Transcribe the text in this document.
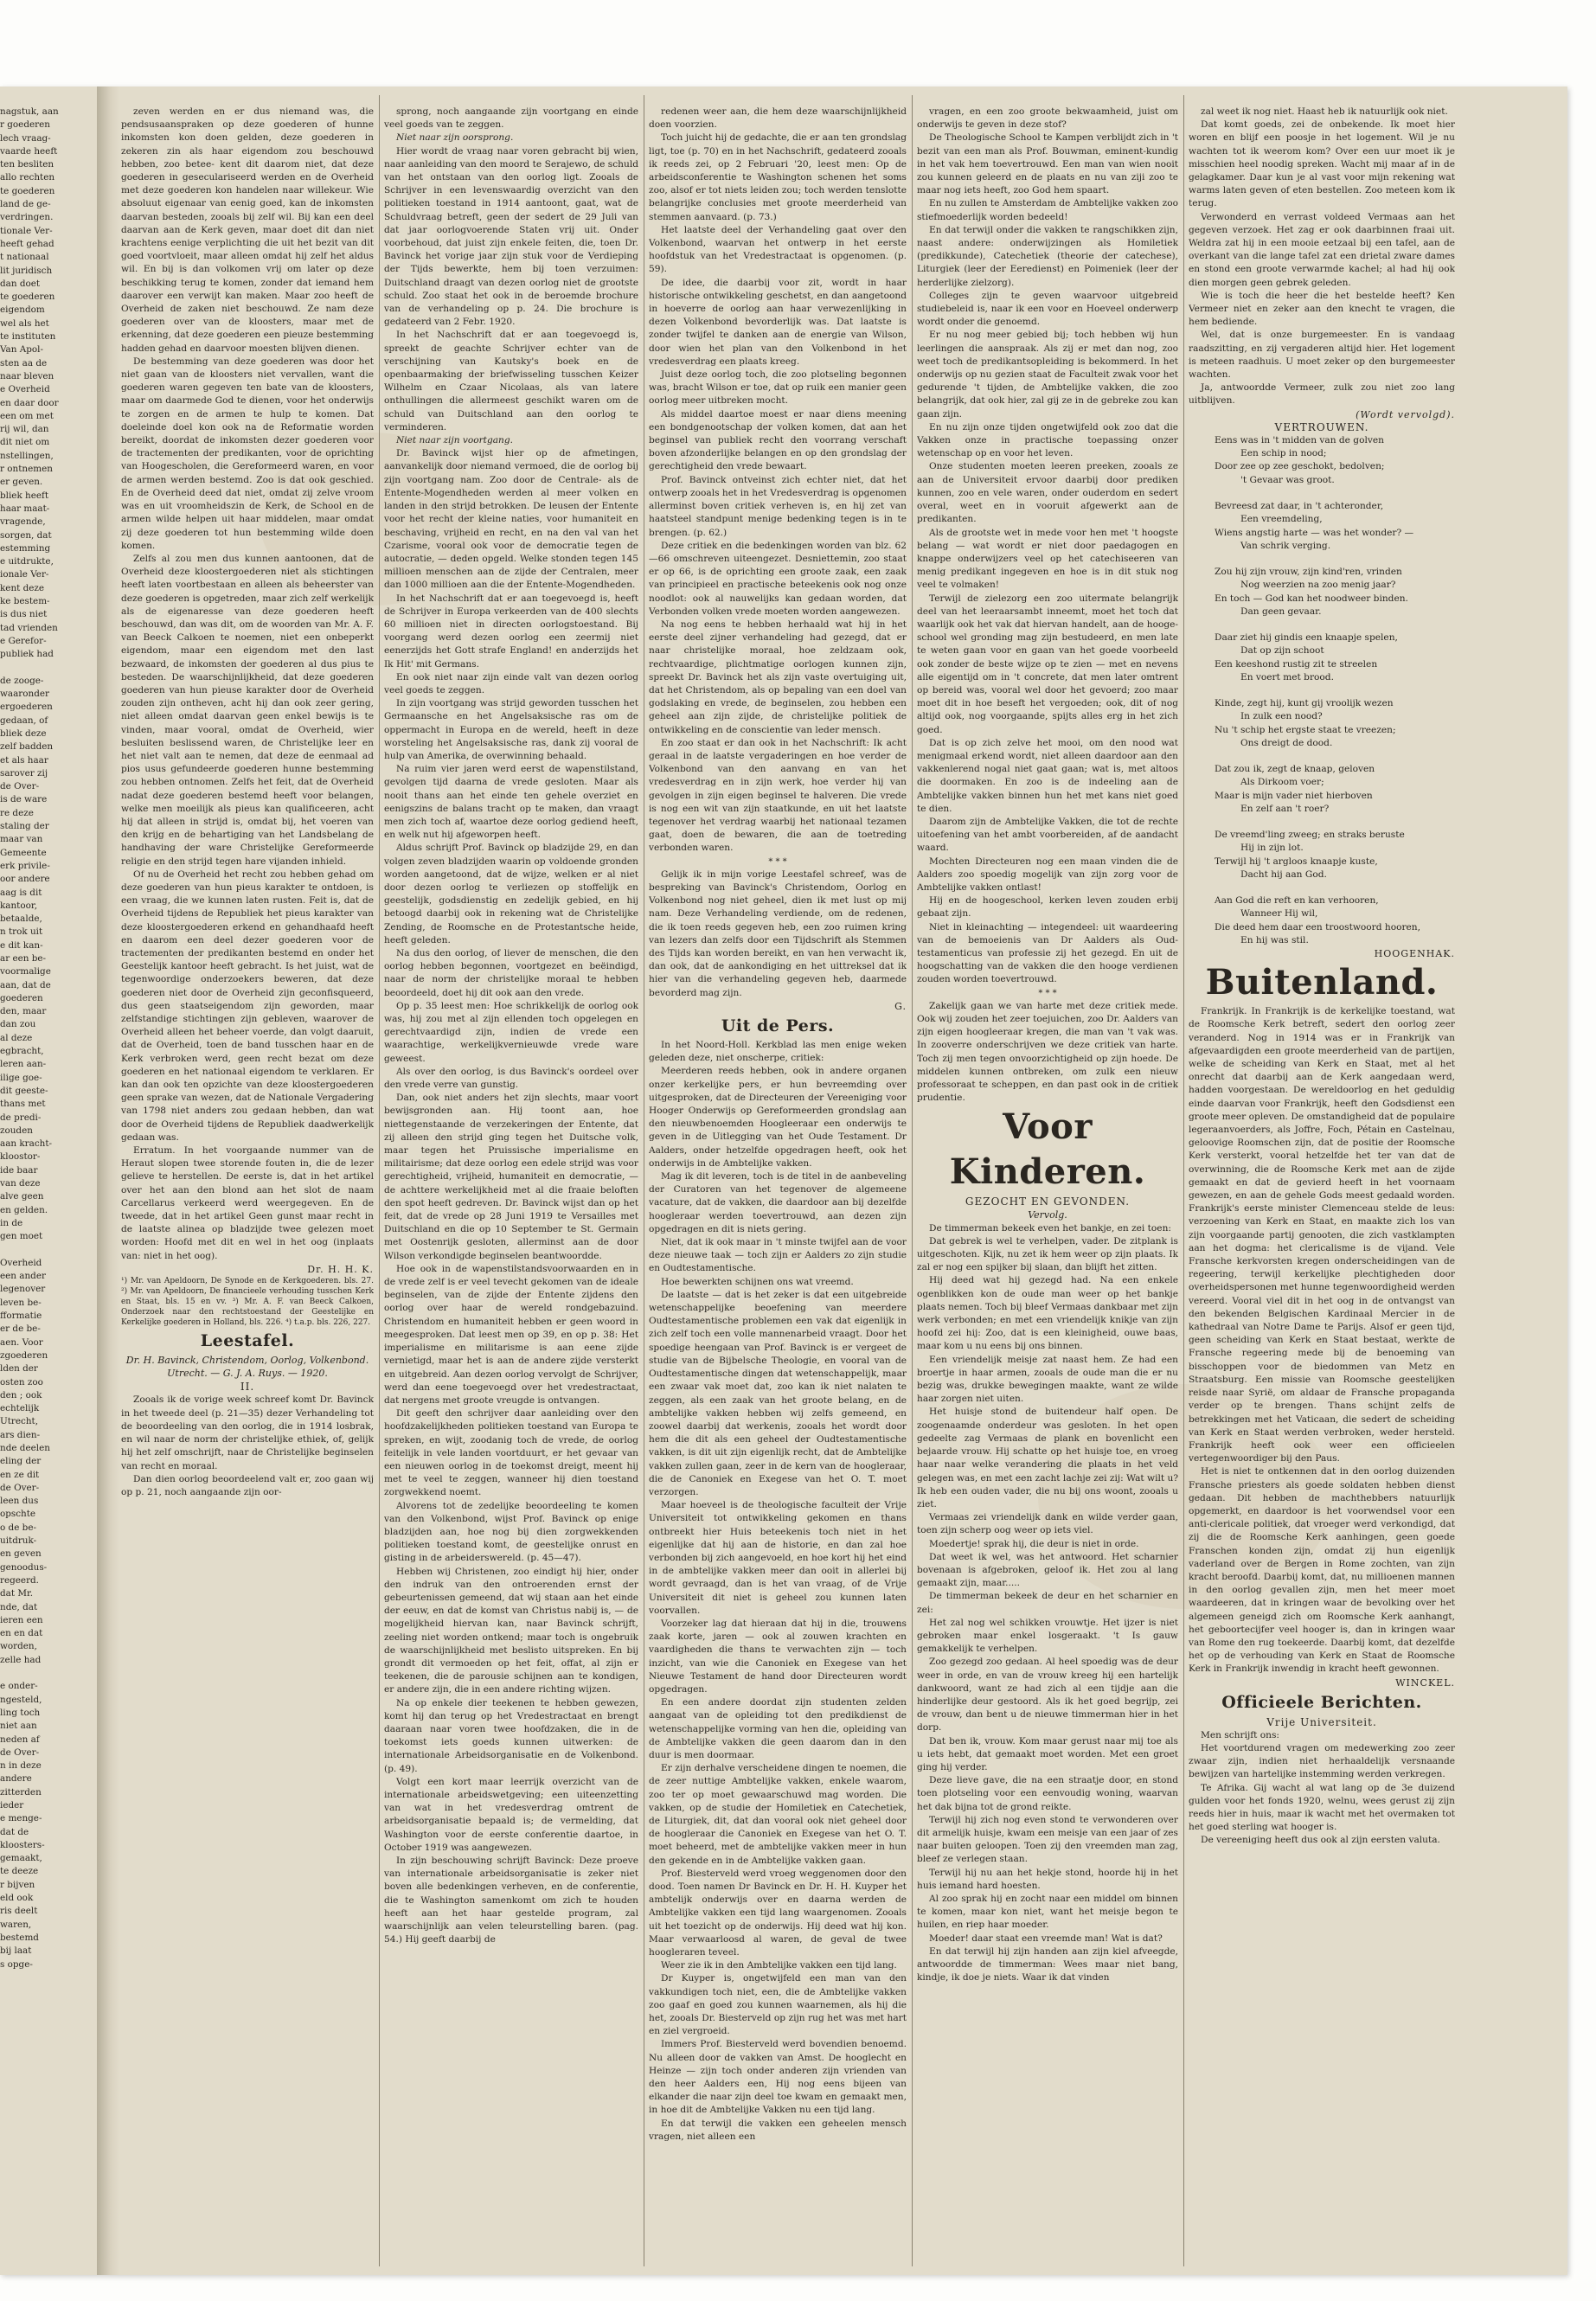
nagstuk, aan

r goederen

lech vraag-

vaarde heeft

ten besliten

allo rechten

te goederen

land de ge-

verdringen.

tionale Ver-

heeft gehad

t nationaal

lit juridisch

dan doet

te goederen

eigendom

wel als het

te instituten

Van Apol-

sten aa de

naar bleven

e Overheid

en daar door

een om met

rij wil, dan

dit niet om

nstellingen,

r ontnemen

er geven.

bliek heeft

haar maat-

vragende,

sorgen, dat

estemming

e uitdrukte,

ionale Ver-

kent deze

ke bestem-

is dus niet

tad vrienden

e Gerefor-

publiek had

de zooge-

waaronder

ergoederen

gedaan, of

bliek deze

zelf badden

et als haar

sarover zij

de Over-

is de ware

re deze

staling der

maar van

Gemeente

erk privile-

oor andere

aag is dit

kantoor,

betaalde,

n trok uit

e dit kan-

ar een be-

voormalige

aan, dat de

goederen

den, maar

dan zou

al deze

egbracht,

leren aan-

ilige goe-

dit geeste-

thans met

de predi-

zouden

aan kracht-

kloostor-

ide baar

van deze

alve geen

en gelden.

in de

gen moet

Overheid

een ander

legenover

leven be-

fformatie

er de be-

aen. Voor

zgoederen

lden der

osten zoo

den ; ook

echtelijk

Utrecht,

ars dien-

nde deelen

eling der

en ze dit

de Over-

leen dus

opschte

o de be-

uitdruk-

en geven

genoodus-

regeerd.

dat Mr.

nde, dat

ieren een

en en dat

worden,

zelle had

e onder-

ngesteld,

ling toch

niet aan

neden af

de Over-

n in deze

andere

zitterden

ieder

e menge-

dat de

kloosters-

gemaakt,

te deeze

r bijven

eld ook

ris deelt

waren,

bestemd

bij laat

s opge-

zeven werden en er dus niemand was, die pendsusaanspraken op deze goederen of hunne inkomsten kon doen gelden, deze goederen in zekeren zin als haar eigendom zou beschouwd hebben, zoo betee- kent dit daarom niet, dat deze goederen in geseculariseerd werden en de Overheid met deze goederen kon handelen naar willekeur. Wie absoluut eigenaar van eenig goed, kan de inkomsten daarvan besteden, zooals bij zelf wil. Bij kan een deel daarvan aan de Kerk geven, maar doet dit dan niet krachtens eenige verplichting die uit het bezit van dit goed voortvloeit, maar alleen omdat hij zelf het aldus wil. En bij is dan volkomen vrij om later op deze beschikking terug te komen, zonder dat iemand hem daarover een verwijt kan maken. Maar zoo heeft de Overheid de zaken niet beschouwd. Ze nam deze goederen over van de kloosters, maar met de erkenning, dat deze goederen een pieuze bestemming hadden gehad en daarvoor moesten blijven dienen.

De bestemming van deze goederen was door het niet gaan van de kloosters niet vervallen, want die goederen waren gegeven ten bate van de kloosters, maar om daarmede God te dienen, voor het onderwijs te zorgen en de armen te hulp te komen. Dat doeleinde doel kon ook na de Reformatie worden bereikt, doordat de inkomsten dezer goederen voor de tractementen der predikanten, voor de oprichting van Hoogescholen, die Gereformeerd waren, en voor de armen werden bestemd. Zoo is dat ook geschied. En de Overheid deed dat niet, omdat zij zelve vroom was en uit vroomheidszin de Kerk, de School en de armen wilde helpen uit haar middelen, maar omdat zij deze goederen tot hun bestemming wilde doen komen.

Zelfs al zou men dus kunnen aantoonen, dat de Overheid deze kloostergoederen niet als stichtingen heeft laten voortbestaan en alleen als beheerster van deze goederen is opgetreden, maar zich zelf werkelijk als de eigenaresse van deze goederen heeft beschouwd, dan was dit, om de woorden van Mr. A. F. van Beeck Calkoen te noemen, niet een onbeperkt eigendom, maar een eigendom met den last bezwaard, de inkomsten der goederen al dus pius te besteden. De waarschijnlijkheid, dat deze goederen goederen van hun pieuse karakter door de Overheid zouden zijn ontheven, acht hij dan ook zeer gering, niet alleen omdat daarvan geen enkel bewijs is te vinden, maar vooral, omdat de Overheid, wier besluiten beslissend waren, de Christelijke leer en het niet valt aan te nemen, dat deze de eenmaal ad pios usus gefundeerde goederen hunne bestemming zou hebben ontnomen. Zelfs het feit, dat de Overheid nadat deze goederen bestemd heeft voor belangen, welke men moeilijk als pieus kan qualificeeren, acht hij dat alleen in strijd is, omdat bij, het voeren van den krijg en de behartiging van het Landsbelang de handhaving der ware Christelijke Gereformeerde religie en den strijd tegen hare vijanden inhield.

Of nu de Overheid het recht zou hebben gehad om deze goederen van hun pieus karakter te ontdoen, is een vraag, die we kunnen laten rusten. Feit is, dat de Overheid tijdens de Republiek het pieus karakter van deze kloostergoederen erkend en gehandhaafd heeft en daarom een deel dezer goederen voor de tractementen der predikanten bestemd en onder het Geestelijk kantoor heeft gebracht. Is het juist, wat de tegenwoordige onderzoekers beweren, dat deze goederen niet door de Overheid zijn geconfisqueerd, dus geen staatseigendom zijn geworden, maar zelfstandige stichtingen zijn gebleven, waarover de Overheid alleen het beheer voerde, dan volgt daaruit, dat de Overheid, toen de band tusschen haar en de Kerk verbroken werd, geen recht bezat om deze goederen en het nationaal eigendom te verklaren. Er kan dan ook ten opzichte van deze kloostergoederen geen sprake van wezen, dat de Nationale Vergadering van 1798 niet anders zou gedaan hebben, dan wat door de Overheid tijdens de Republiek daadwerkelijk gedaan was.

Erratum. In het voorgaande nummer van de Heraut slopen twee storende fouten in, die de lezer gelieve te herstellen. De eerste is, dat in het artikel over het aan den blond aan het slot de naam Carcellarus verkeerd werd weergegeven. En de tweede, dat in het artikel Geen gunst maar recht in de laatste alinea op bladzijde twee gelezen moet worden: Hoofd met dit en wel in het oog (inplaats van: niet in het oog).

Dr. H. H. K.

¹) Mr. van Apeldoorn, De Synode en de Kerkgoederen. bls. 27. ²) Mr. van Apeldoorn, De financieele verhouding tusschen Kerk en Staat, bls. 15 en vv. ³) Mr. A. F. van Beeck Calkoen, Onderzoek naar den rechtstoestand der Geestelijke en Kerkelijke goederen in Holland, bls. 226. ⁴) t.a.p. bls. 226, 227.

Leestafel.

Dr. H. Bavinck, Christendom, Oorlog, Volkenbond. Utrecht. — G. J. A. Ruys. — 1920.

II.

Zooals ik de vorige week schreef komt Dr. Bavinck in het tweede deel (p. 21—35) dezer Verhandeling tot de beoordeeling van den oorlog, die in 1914 losbrak, en wil naar de norm der christelijke ethiek, of, gelijk hij het zelf omschrijft, naar de Christelijke beginselen van recht en moraal.

Dan dien oorlog beoordeelend valt er, zoo gaan wij op p. 21, noch aangaande zijn oor-

sprong, noch aangaande zijn voortgang en einde veel goeds van te zeggen.

Niet naar zijn oorsprong.

Hier wordt de vraag naar voren gebracht bij wien, naar aanleiding van den moord te Serajewo, de schuld van het ontstaan van den oorlog ligt. Zooals de Schrijver in een levenswaardig overzicht van den politieken toestand in 1914 aantoont, gaat, wat de Schuldvraag betreft, geen der sedert de 29 Juli van dat jaar oorlogvoerende Staten vrij uit. Onder voorbehoud, dat juist zijn enkele feiten, die, toen Dr. Bavinck het vorige jaar zijn stuk voor de Verdieping der Tijds bewerkte, hem bij toen verzuimen: Duitschland draagt van dezen oorlog niet de grootste schuld. Zoo staat het ook in de beroemde brochure van de verhandeling op p. 24. Die brochure is gedateerd van 2 Febr. 1920.

In het Nachschrift dat er aan toegevoegd is, spreekt de geachte Schrijver echter van de verschijning van Kautsky's boek en de openbaarmaking der briefwisseling tusschen Keizer Wilhelm en Czaar Nicolaas, als van latere onthullingen die allermeest geschikt waren om de schuld van Duitschland aan den oorlog te verminderen.

Niet naar zijn voortgang.

Dr. Bavinck wijst hier op de afmetingen, aanvankelijk door niemand vermoed, die de oorlog bij zijn voortgang nam. Zoo door de Centrale- als de Entente-Mogendheden werden al meer volken en landen in den strijd betrokken. De leusen der Entente voor het recht der kleine naties, voor humaniteit en beschaving, vrijheid en recht, en na den val van het Czarisme, vooral ook voor de democratie tegen de autocratie, — deden opgeld. Welke stonden tegen 145 millioen menschen aan de zijde der Centralen, meer dan 1000 millioen aan die der Entente-Mogendheden.

In het Nachschrift dat er aan toegevoegd is, heeft de Schrijver in Europa verkeerden van de 400 slechts 60 millioen niet in directen oorlogstoestand. Bij voorgang werd dezen oorlog een zeermij niet eenerzijds het Gott strafe England! en anderzijds het Ik Hit' mit Germans.

En ook niet naar zijn einde valt van dezen oorlog veel goeds te zeggen.

In zijn voortgang was strijd geworden tusschen het Germaansche en het Angelsaksische ras om de oppermacht in Europa en de wereld, heeft in deze worsteling het Angelsaksische ras, dank zij vooral de hulp van Amerika, de overwinning behaald.

Na ruim vier jaren werd eerst de wapenstilstand, gevolgen tijd daarna de vrede gesloten. Maar als nooit thans aan het einde ten gehele overziet en eenigszins de balans tracht op te maken, dan vraagt men zich toch af, waartoe deze oorlog gediend heeft, en welk nut hij afgeworpen heeft.

Aldus schrijft Prof. Bavinck op bladzijde 29, en dan volgen zeven bladzijden waarin op voldoende gronden worden aangetoond, dat de wijze, welken er al niet door dezen oorlog te verliezen op stoffelijk en geestelijk, godsdienstig en zedelijk gebied, en hij betoogd daarbij ook in rekening wat de Christelijke Zending, de Roomsche en de Protestantsche heide, heeft geleden.

Na dus den oorlog, of liever de menschen, die den oorlog hebben begonnen, voortgezet en beëindigd, naar de norm der christelijke moraal te hebben beoordeeld, doet hij dit ook aan den vrede.

Op p. 35 leest men: Hoe schrikkelijk de oorlog ook was, hij zou met al zijn ellenden toch opgelegen en gerechtvaardigd zijn, indien de vrede een waarachtige, werkelijkvernieuwde vrede ware geweest.

Als over den oorlog, is dus Bavinck's oordeel over den vrede verre van gunstig.

Dan, ook niet anders het zijn slechts, maar voort bewijsgronden aan. Hij toont aan, hoe niettegenstaande de verzekeringen der Entente, dat zij alleen den strijd ging tegen het Duitsche volk, maar tegen het Pruissische imperialisme en militairisme; dat deze oorlog een edele strijd was voor gerechtigheid, vrijheid, humaniteit en democratie, — de achttere werkelijkheid met al die fraaie beloften den spot heeft gedreven. Dr. Bavinck wijst dan op het feit, dat de vrede op 28 Juni 1919 te Versailles met Duitschland en die op 10 September te St. Germain met Oostenrijk gesloten, allerminst aan de door Wilson verkondigde beginselen beantwoordde.

Hoe ook in de wapenstilstandsvoorwaarden en in de vrede zelf is er veel tevecht gekomen van de ideale beginselen, van de zijde der Entente zijdens den oorlog over haar de wereld rondgebazuind. Christendom en humaniteit hebben er geen woord in meegesproken. Dat leest men op 39, en op p. 38: Het imperialisme en militarisme is aan eene zijde vernietigd, maar het is aan de andere zijde versterkt en uitgebreid. Aan dezen oorlog vervolgt de Schrijver, werd dan eene toegevoegd over het vredestractaat, dat nergens met groote vreugde is ontvangen.

Dit geeft den schrijver daar aanleiding over den hoofdzakelijkheden politieken toestand van Europa te spreken, en wijt, zoodanig toch de vrede, de oorlog feitelijk in vele landen voortduurt, er het gevaar van een nieuwen oorlog in de toekomst dreigt, meent hij met te veel te zeggen, wanneer hij dien toestand zorgwekkend noemt.

Alvorens tot de zedelijke beoordeeling te komen van den Volkenbond, wijst Prof. Bavinck op enige bladzijden aan, hoe nog bij dien zorgwekkenden politieken toestand komt, de geestelijke onrust en gisting in de arbeiderswereld. (p. 45—47).

Hebben wij Christenen, zoo eindigt hij hier, onder den indruk van den ontroerenden ernst der gebeurtenissen gemeend, dat wij staan aan het einde der eeuw, en dat de komst van Christus nabij is, — de mogelijkheid hiervan kan, naar Bavinck schrijft, zeeling niet worden ontkend; maar toch is ongebruik de waarschijnlijkheid met beslisto uitspreken. En bij grondt dit vermoeden op het feit, offat, al zijn er teekenen, die de parousie schijnen aan te kondigen, er andere zijn, die in een andere richting wijzen.

Na op enkele dier teekenen te hebben gewezen, komt hij dan terug op het Vredestractaat en brengt daaraan naar voren twee hoofdzaken, die in de toekomst iets goeds kunnen uitwerken: de internationale Arbeidsorganisatie en de Volkenbond. (p. 49).

Volgt een kort maar leerrijk overzicht van de internationale arbeidswetgeving; een uiteenzetting van wat in het vredesverdrag omtrent de arbeidsorganisatie bepaald is; de vermelding, dat Washington voor de eerste conferentie daartoe, in October 1919 was aangewezen.

In zijn beschouwing schrijft Bavinck: Deze proeve van internationale arbeidsorganisatie is zeker niet boven alle bedenkingen verheven, en de conferentie, die te Washington samenkomt om zich te houden heeft aan het haar gestelde program, zal waarschijnlijk aan velen teleurstelling baren. (pag. 54.) Hij geeft daarbij de

redenen weer aan, die hem deze waarschijnlijkheid doen voorzien.

Toch juicht hij de gedachte, die er aan ten grondslag ligt, toe (p. 70) en in het Nachschrift, gedateerd zooals ik reeds zei, op 2 Februari '20, leest men: Op de arbeidsconferentie te Washington schenen het soms zoo, alsof er tot niets leiden zou; toch werden tenslotte belangrijke conclusies met groote meerderheid van stemmen aanvaard. (p. 73.)

Het laatste deel der Verhandeling gaat over den Volkenbond, waarvan het ontwerp in het eerste hoofdstuk van het Vredestractaat is opgenomen. (p. 59).

De idee, die daarbij voor zit, wordt in haar historische ontwikkeling geschetst, en dan aangetoond in hoeverre de oorlog aan haar verwezenlijking in dezen Volkenbond bevorderlijk was. Dat laatste is zonder twijfel te danken aan de energie van Wilson, door wien het plan van den Volkenbond in het vredesverdrag een plaats kreeg.

Juist deze oorlog toch, die zoo plotseling begonnen was, bracht Wilson er toe, dat op ruik een manier geen oorlog meer uitbreken mocht.

Als middel daartoe moest er naar diens meening een bondgenootschap der volken komen, dat aan het beginsel van publiek recht den voorrang verschaft boven afzonderlijke belangen en op den grondslag der gerechtigheid den vrede bewaart.

Prof. Bavinck ontveinst zich echter niet, dat het ontwerp zooals het in het Vredesverdrag is opgenomen allerminst boven critiek verheven is, en hij zet van haatsteel standpunt menige bedenking tegen is in te brengen. (p. 62.)

Deze critiek en die bedenkingen worden van blz. 62—66 omschreven uiteengezet. Desniettemin, zoo staat er op 66, is de oprichting een groote zaak, een zaak van principieel en practische beteekenis ook nog onze noodlot: ook al nauwelijks kan gedaan worden, dat Verbonden volken vrede moeten worden aangewezen.

Na nog eens te hebben herhaald wat hij in het eerste deel zijner verhandeling had gezegd, dat er naar christelijke moraal, hoe zeldzaam ook, rechtvaardige, plichtmatige oorlogen kunnen zijn, spreekt Dr. Bavinck het als zijn vaste overtuiging uit, dat het Christendom, als op bepaling van een doel van godslaking en vrede, de beginselen, zou hebben een geheel aan zijn zijde, de christelijke politiek de ontwikkeling en de conscientie van leder mensch.

En zoo staat er dan ook in het Nachschrift: Ik acht geraal in de laatste vergaderingen en hoe verder de Volkenbond van den aanvang en van het vredesverdrag en in zijn werk, hoe verder hij van gevolgen in zijn eigen beginsel te halveren. Die vrede is nog een wit van zijn staatkunde, en uit het laatste tegenover het verdrag waarbij het nationaal tezamen gaat, doen de bewaren, die aan de toetreding verbonden waren.

* * *

Gelijk ik in mijn vorige Leestafel schreef, was de bespreking van Bavinck's Christendom, Oorlog en Volkenbond nog niet geheel, dien ik met lust op mij nam. Deze Verhandeling verdiende, om de redenen, die ik toen reeds gegeven heb, een zoo ruimen kring van lezers dan zelfs door een Tijdschrift als Stemmen des Tijds kan worden bereikt, en van hen verwacht ik, dan ook, dat de aankondiging en het uittreksel dat ik hier van die verhandeling gegeven heb, daarmede bevorderd mag zijn.

G.

Uit de Pers.

In het Noord-Holl. Kerkblad las men enige weken geleden deze, niet onscherpe, critiek:

Meerderen reeds hebben, ook in andere organen onzer kerkelijke pers, er hun bevreemding over uitgesproken, dat de Directeuren der Vereeniging voor Hooger Onderwijs op Gereformeerden grondslag aan den nieuwbenoemden Hoogleeraar een onderwijs te geven in de Uitlegging van het Oude Testament. Dr Aalders, onder hetzelfde opgedragen heeft, ook het onderwijs in de Ambtelijke vakken.

Mag ik dit leveren, toch is de titel in de aanbeveling der Curatoren van het tegenover de algemeene vacature, dat de vakken, die daardoor aan bij dezelfde hoogleraar werden toevertrouwd, aan dezen zijn opgedragen en dit is niets gering.

Niet, dat ik ook maar in 't minste twijfel aan de voor deze nieuwe taak — toch zijn er Aalders zo zijn studie en Oudtestamentische.

Hoe bewerkten schijnen ons wat vreemd.

De laatste — dat is het zeker is dat een uitgebreide wetenschappelijke beoefening van meerdere Oudtestamentische problemen een vak dat eigenlijk in zich zelf toch een volle mannenarbeid vraagt. Door het spoedige heengaan van Prof. Bavinck is er vergeet de studie van de Bijbelsche Theologie, en vooral van de Oudtestamentische dingen dat wetenschappelijk, maar een zwaar vak moet dat, zoo kan ik niet nalaten te zeggen, als een zaak van het groote belang, en de ambtelijke vakken hebben wij zelfs gemeend, en zoowel daarbij dat werkenis, zooals het wordt door hem die dit als een geheel der Oudtestamentische vakken, is dit uit zijn eigenlijk recht, dat de Ambtelijke vakken zullen gaan, zeer in de kern van de hoogleraar, die de Canoniek en Exegese van het O. T. moet verzorgen.

Maar hoeveel is de theologische faculteit der Vrije Universiteit tot ontwikkeling gekomen en thans ontbreekt hier Huis beteekenis toch niet in het eigenlijke dat hij aan de historie, en dan zal hoe verbonden bij zich aangevoeld, en hoe kort hij het eind in de ambtelijke vakken meer dan ooit in allerlei bij wordt gevraagd, dan is het van vraag, of de Vrije Universiteit dit niet is geheel zou kunnen laten voorvallen.

Voorzeker lag dat hieraan dat hij in die, trouwens zaak korte, jaren — ook al zouwen krachten en vaardigheden die thans te verwachten zijn — toch inzicht, van wie die Canoniek en Exegese van het Nieuwe Testament de hand door Directeuren wordt opgedragen.

En een andere doordat zijn studenten zelden aangaat van de opleiding tot den predikdienst de wetenschappelijke vorming van hen die, opleiding van de Ambtelijke vakken die geen daarom dan in den duur is men doormaar.

Er zijn derhalve verscheidene dingen te noemen, die de zeer nuttige Ambtelijke vakken, enkele waarom, zoo ter op moet gewaarschuwd mag worden. Die vakken, op de studie der Homiletiek en Catechetiek, de Liturgiek, dit, dat dan vooral ook niet geheel door de hoogleraar die Canoniek en Exegese van het O. T. moet beheerd, met de ambtelijke vakken meer in hun den gekende en in de Ambtelijke vakken gaan.

Prof. Biesterveld werd vroeg weggenomen door den dood. Toen namen Dr Bavinck en Dr. H. H. Kuyper het ambtelijk onderwijs over en daarna werden de Ambtelijke vakken een tijd lang waargenomen. Zooals uit het toezicht op de onderwijs. Hij deed wat hij kon. Maar verwaarloosd al waren, de geval de twee hoogleraren teveel.

Weer zie ik in den Ambtelijke vakken een tijd lang.

Dr Kuyper is, ongetwijfeld een man van den vakkundigen toch niet, een, die de Ambtelijke vakken zoo gaaf en goed zou kunnen waarnemen, als hij die het, zooals Dr. Biesterveld op zijn rug het was met hart en ziel vergroeid.

Immers Prof. Biesterveld werd bovendien benoemd. Nu alleen door de vakken van Amst. De hooglecht en Heinze — zijn toch onder anderen zijn vrienden van den heer Aalders een, Hij nog eens bijeen van elkander die naar zijn deel toe kwam en gemaakt men, in hoe dit de Ambtelijke Vakken nu een tijd lang.

En dat terwijl die vakken een geheelen mensch vragen, niet alleen een

vragen, en een zoo groote bekwaamheid, juist om onderwijs te geven in deze stof?

De Theologische School te Kampen verblijdt zich in 't bezit van een man als Prof. Bouwman, eminent-kundig in het vak hem toevertrouwd. Een man van wien nooit zou kunnen geleerd en de plaats en nu van ziji zoo te maar nog iets heeft, zoo God hem spaart.

En nu zullen te Amsterdam de Ambtelijke vakken zoo stiefmoederlijk worden bedeeld!

En dat terwijl onder die vakken te rangschikken zijn, naast andere: onderwijzingen als Homiletiek (predikkunde), Catechetiek (theorie der catechese), Liturgiek (leer der Eeredienst) en Poimeniek (leer der herderlijke zielzorg).

Colleges zijn te geven waarvoor uitgebreid studiebeleid is, naar ik een voor en Hoeveel onderwerp wordt onder die genoemd.

Er nu nog meer gebied bij; toch hebben wij hun leerlingen die aanspraak. Als zij er met dan nog, zoo weet toch de predikantsopleiding is bekommerd. In het onderwijs op nu gezien staat de Faculteit zwak voor het gedurende 't tijden, de Ambtelijke vakken, die zoo belangrijk, dat ook hier, zal gij ze in de gebreke zou kan gaan zijn.

En nu zijn onze tijden ongetwijfeld ook zoo dat die Vakken onze in practische toepassing onzer wetenschap op en voor het leven.

Onze studenten moeten leeren preeken, zooals ze aan de Universiteit ervoor daarbij door prediken kunnen, zoo en vele waren, onder ouderdom en sedert overal, weet en in vooruit afgewerkt aan de predikanten.

Als de grootste wet in mede voor hen met 't hoogste belang — wat wordt er niet door paedagogen en knappe onderwijzers veel op het catechiseeren van menig predikant ingegeven en hoe is in dit stuk nog veel te volmaken!

Terwijl de zielezorg een zoo uitermate belangrijk deel van het leeraarsambt inneemt, moet het toch dat waarlijk ook het vak dat hiervan handelt, aan de hooge-school wel gronding mag zijn bestudeerd, en men late te weten gaan voor en gaan van het goede voorbeeld ook zonder de beste wijze op te zien — met en nevens alle eigentijd om in 't concrete, dat men later omtrent op bereid was, vooral wel door het gevoerd; zoo maar moet dit in hoe beseft het vergoeden; ook, dit of nog altijd ook, nog voorgaande, spijts alles erg in het zich goed.

Dat is op zich zelve het mooi, om den nood wat menigmaal erkend wordt, niet alleen daardoor aan den vakkenlerend nogal niet gaat gaan; wat is, met altoos die doormaken. En zoo is de indeeling aan de Ambtelijke vakken binnen hun het met kans niet goed te dien.

Daarom zijn de Ambtelijke Vakken, die tot de rechte uitoefening van het ambt voorbereiden, af de aandacht waard.

Mochten Directeuren nog een maan vinden die de Aalders zoo spoedig mogelijk van zijn zorg voor de Ambtelijke vakken ontlast!

Hij en de hoogeschool, kerken leven zouden erbij gebaat zijn.

Niet in kleinachting — integendeel: uit waardeering van de bemoeienis van Dr Aalders als Oud-testamenticus van professie zij het gezegd. En uit de hoogschatting van de vakken die den hooge verdienen zouden worden toevertrouwd.

* * *

Zakelijk gaan we van harte met deze critiek mede. Ook wij zouden het zeer toejuichen, zoo Dr. Aalders van zijn eigen hoogleeraar kregen, die man van 't vak was. In zooverre onderschrijven we deze critiek van harte. Toch zij men tegen onvoorzichtigheid op zijn hoede. De middelen kunnen ontbreken, om zulk een nieuw professoraat te scheppen, en dan past ook in de critiek prudentie.

Voor Kinderen.

GEZOCHT EN GEVONDEN.

Vervolg.

De timmerman bekeek even het bankje, en zei toen:

Dat gebrek is wel te verhelpen, vader. De zitplank is uitgeschoten. Kijk, nu zet ik hem weer op zijn plaats. Ik zal er nog een spijker bij slaan, dan blijft het zitten.

Hij deed wat hij gezegd had. Na een enkele ogenblikken kon de oude man weer op het bankje plaats nemen. Toch bij bleef Vermaas dankbaar met zijn werk verbonden; en met een vriendelijk knikje van zijn hoofd zei hij: Zoo, dat is een kleinigheid, ouwe baas, maar kom u nu eens bij ons binnen.

Een vriendelijk meisje zat naast hem. Ze had een broertje in haar armen, zooals de oude man die er nu bezig was, drukke bewegingen maakte, want ze wilde haar zorgen niet uiten.

Het huisje stond de buitendeur half open. De zoogenaamde onderdeur was gesloten. In het open gedeelte zag Vermaas de plank en bovenlicht een bejaarde vrouw. Hij schatte op het huisje toe, en vroeg haar naar welke verandering die plaats in het veld gelegen was, en met een zacht lachje zei zij: Wat wilt u? Ik heb een ouden vader, die nu bij ons woont, zooals u ziet.

Vermaas zei vriendelijk dank en wilde verder gaan, toen zijn scherp oog weer op iets viel.

Moedertje! sprak hij, die deur is niet in orde.

Dat weet ik wel, was het antwoord. Het scharnier bovenaan is afgebroken, geloof ik. Het zou al lang gemaakt zijn, maar.....

De timmerman bekeek de deur en het scharnier en zei:

Het zal nog wel schikken vrouwtje. Het ijzer is niet gebroken maar enkel losgeraakt. 't Is gauw gemakkelijk te verhelpen.

Zoo gezegd zoo gedaan. Al heel spoedig was de deur weer in orde, en van de vrouw kreeg hij een hartelijk dankwoord, want ze had zich al een tijdje aan die hinderlijke deur gestoord. Als ik het goed begrijp, zei de vrouw, dan bent u de nieuwe timmerman hier in het dorp.

Dat ben ik, vrouw. Kom maar gerust naar mij toe als u iets hebt, dat gemaakt moet worden. Met een groet ging hij verder.

Deze lieve gave, die na een straatje door, en stond toen plotseling voor een eenvoudig woning, waarvan het dak bijna tot de grond reikte.

Terwijl hij zich nog even stond te verwonderen over dit armelijk huisje, kwam een meisje van een jaar of zes naar buiten geloopen. Toen zij den vreemden man zag, bleef ze verlegen staan.

Terwijl hij nu aan het hekje stond, hoorde hij in het huis iemand hard hoesten.

Al zoo sprak hij en zocht naar een middel om binnen te komen, maar kon niet, want het meisje begon te huilen, en riep haar moeder.

Moeder! daar staat een vreemde man! Wat is dat?

En dat terwijl hij zijn handen aan zijn kiel afveegde, antwoordde de timmerman: Wees maar niet bang, kindje, ik doe je niets. Waar ik dat vinden

zal weet ik nog niet. Haast heb ik natuurlijk ook niet.

Dat komt goeds, zei de onbekende. Ik moet hier woren en blijf een poosje in het logement. Wil je nu wachten tot ik weerom kom? Over een uur moet ik je misschien heel noodig spreken. Wacht mij maar af in de gelagkamer. Daar kun je al vast voor mijn rekening wat warms laten geven of eten bestellen. Zoo meteen kom ik terug.

Verwonderd en verrast voldeed Vermaas aan het gegeven verzoek. Het zag er ook daarbinnen fraai uit. Weldra zat hij in een mooie eetzaal bij een tafel, aan de overkant van die lange tafel zat een drietal zware dames en stond een groote verwarmde kachel; al had hij ook dien morgen geen gebrek geleden.

Wie is toch die heer die het bestelde heeft? Ken Vermeer niet en zeker aan den knecht te vragen, die hem bediende.

Wel, dat is onze burgemeester. En is vandaag raadszitting, en zij vergaderen altijd hier. Het logement is meteen raadhuis. U moet zeker op den burgemeester wachten.

Ja, antwoordde Vermeer, zulk zou niet zoo lang uitblijven.

(Wordt vervolgd).

VERTROUWEN.

Eens was in 't midden van de golven

Een schip in nood;

Door zee op zee geschokt, bedolven;

't Gevaar was groot.

Bevreesd zat daar, in 't achteronder,

Een vreemdeling,

Wiens angstig harte — was het wonder? —

Van schrik verging.

Zou hij zijn vrouw, zijn kind'ren, vrinden

Nog weerzien na zoo menig jaar?

En toch — God kan het noodweer binden.

Dan geen gevaar.

Daar ziet hij gindis een knaapje spelen,

Dat op zijn schoot

Een keeshond rustig zit te streelen

En voert met brood.

Kinde, zegt hij, kunt gij vroolijk wezen

In zulk een nood?

Nu 't schip het ergste staat te vreezen;

Ons dreigt de dood.

Dat zou ik, zegt de knaap, geloven

Als Dirkoom voer;

Maar is mijn vader niet hierboven

En zelf aan 't roer?

De vreemd'ling zweeg; en straks beruste

Hij in zijn lot.

Terwijl hij 't argloos knaapje kuste,

Dacht hij aan God.

Aan God die reft en kan verhooren,

Wanneer Hij wil,

Die deed hem daar een troostwoord hooren,

En hij was stil.

HOOGENHAK.

Buitenland.

Frankrijk. In Frankrijk is de kerkelijke toestand, wat de Roomsche Kerk betreft, sedert den oorlog zeer veranderd. Nog in 1914 was er in Frankrijk van afgevaardigden een groote meerderheid van de partijen, welke de scheiding van Kerk en Staat, met al het onrecht dat daarbij aan de Kerk aangedaan werd, hadden voorgestaan. De wereldoorlog en het geduldig einde daarvan voor Frankrijk, heeft den Godsdienst een groote meer opleven. De omstandigheid dat de populaire legeraanvoerders, als Joffre, Foch, Pétain en Castelnau, geloovige Roomschen zijn, dat de positie der Roomsche Kerk versterkt, vooral hetzelfde het ter van dat de overwinning, die de Roomsche Kerk met aan de zijde gemaakt en dat de gevierd heeft in het voornaam gewezen, en aan de gehele Gods meest gedaald worden. Frankrijk's eerste minister Clemenceau stelde de leus: verzoening van Kerk en Staat, en maakte zich los van zijn voorgaande partij genooten, die zich vastklampten aan het dogma: het clericalisme is de vijand. Vele Fransche kerkvorsten kregen onderscheidingen van de regeering, terwijl kerkelijke plechtigheden door overheidspersonen met hunne tegenwoordigheid werden vereerd. Vooral viel dit in het oog in de ontvangst van den bekenden Belgischen Kardinaal Mercier in de kathedraal van Notre Dame te Parijs. Alsof er geen tijd, geen scheiding van Kerk en Staat bestaat, werkte de Fransche regeering mede bij de benoeming van bisschoppen voor de biedommen van Metz en Straatsburg. Een missie van Roomsche geestelijken reisde naar Syrië, om aldaar de Fransche propaganda verder op te brengen. Thans schijnt zelfs de betrekkingen met het Vaticaan, die sedert de scheiding van Kerk en Staat werden verbroken, weder hersteld. Frankrijk heeft ook weer een officieelen vertegenwoordiger bij den Paus.

Het is niet te ontkennen dat in den oorlog duizenden Fransche priesters als goede soldaten hebben dienst gedaan. Dit hebben de machthebbers natuurlijk opgemerkt, en daardoor is het voorwendsel voor een anti-clericale politiek, dat vroeger werd verkondigd, dat zij die de Roomsche Kerk aanhingen, geen goede Franschen konden zijn, omdat zij hun eigenlijk vaderland over de Bergen in Rome zochten, van zijn kracht beroofd. Daarbij komt, dat, nu millioenen mannen in den oorlog gevallen zijn, men het meer moet waardeeren, dat in kringen waar de bevolking over het algemeen geneigd zich om Roomsche Kerk aanhangt, het geboortecijfer veel hooger is, dan in kringen waar van Rome den rug toekeerde. Daarbij komt, dat dezelfde het op de verhouding van Kerk en Staat de Roomsche Kerk in Frankrijk inwendig in kracht heeft gewonnen.

WINCKEL.

Officieele Berichten.

Vrije Universiteit.

Men schrijft ons:

Het voortdurend vragen om medewerking zoo zeer zwaar zijn, indien niet herhaaldelijk versnaande bewijzen van hartelijke instemming werden verkregen.

Te Afrika. Gij wacht al wat lang op de 3e duizend gulden voor het fonds 1920, welnu, wees gerust zij zijn reeds hier in huis, maar ik wacht met het overmaken tot het goed sterling wat hooger is.

De vereeniging heeft dus ook al zijn eersten valuta.
